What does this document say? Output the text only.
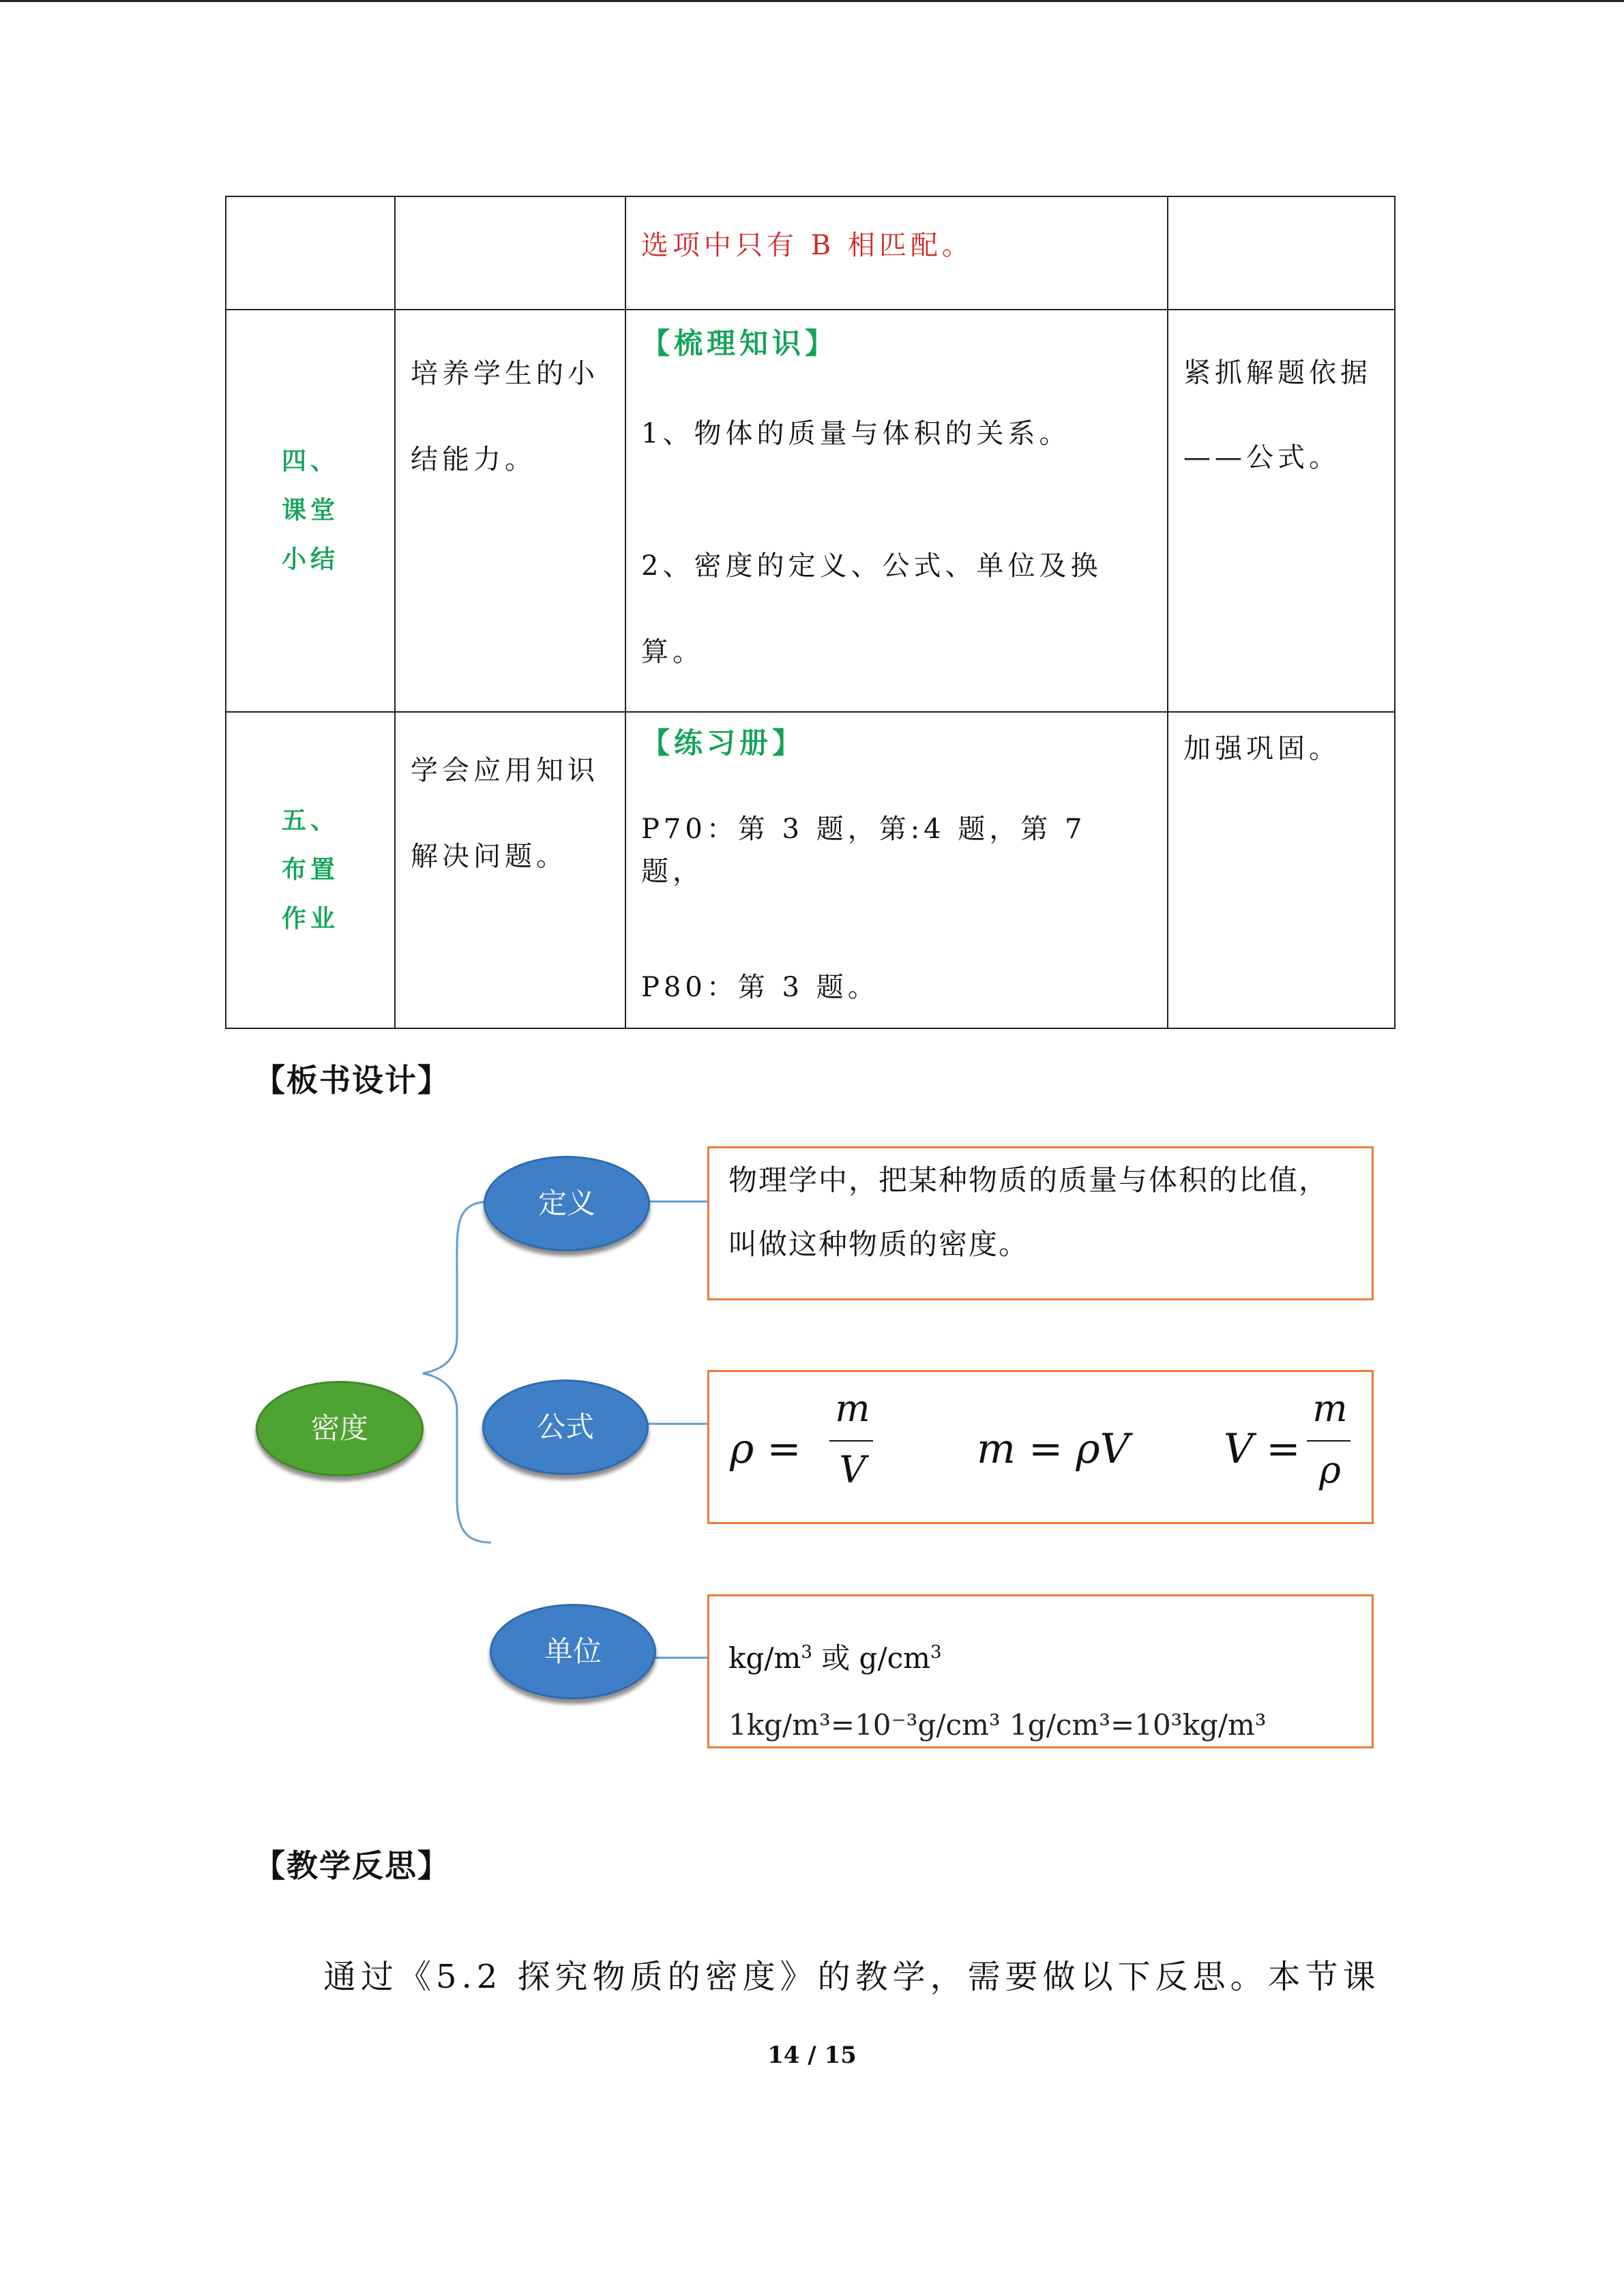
		选项中只有 B 相匹配。	

四、课堂小结	培养学生的小结能力。	【梳理知识】
1、物体的质量与体积的关系。
2、密度的定义、公式、单位及换算。	紧抓解题依据——公式。

五、布置作业	学会应用知识解决问题。	【练习册】
P70：第 3 题，第:4 题，第 7 题，
P80：第 3 题。	加强巩固。
【板书设计】
密度
定义
公式
单位
物理学中，把某种物质的质量与体积的比值，叫做这种物质的密度。
ρ =
m
V	m = ρV V =
m
ρ
$kg/m^3$ 或 $g/cm^3$
1kg/m³=10⁻³g/cm³ 1g/cm³=10³kg/m³
【教学反思】
通过《5.2 探究物质的密度》的教学，需要做以下反思。本节课
14 / 15
